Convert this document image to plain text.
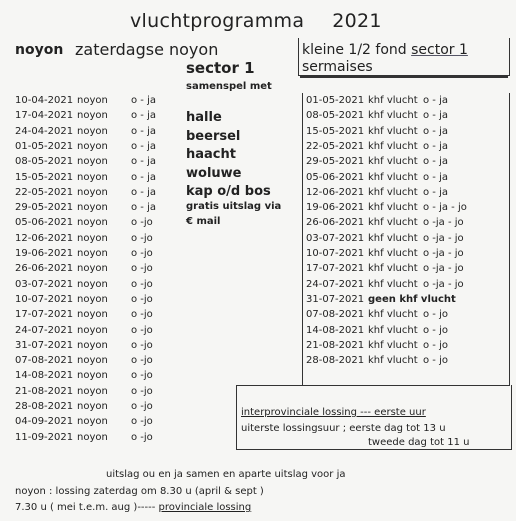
vluchtprogramma 2021
noyon zaterdagse noyon
sector 1
samenspel met
10-04-2021 noyon o - ja
17-04-2021 noyon o - ja
24-04-2021 noyon o - ja
01-05-2021 noyon o - ja
08-05-2021 noyon o - ja
15-05-2021 noyon o - ja
22-05-2021 noyon o - ja
29-05-2021 noyon o - ja
05-06-2021 noyon o -jo
12-06-2021 noyon o -jo
19-06-2021 noyon o -jo
26-06-2021 noyon o -jo
03-07-2021 noyon o -jo
10-07-2021 noyon o -jo
17-07-2021 noyon o -jo
24-07-2021 noyon o -jo
31-07-2021 noyon o -jo
07-08-2021 noyon o -jo
14-08-2021 noyon o -jo
21-08-2021 noyon o -jo
28-08-2021 noyon o -jo
04-09-2021 noyon o -jo
11-09-2021 noyon o -jo
halle
beersel
haacht
woluwe
kap o/d bos
gratis uitslag via
€ mail
kleine 1/2 fond sector 1
sermaises
01-05-2021 khf vlucht o - ja
08-05-2021 khf vlucht o - ja
15-05-2021 khf vlucht o - ja
22-05-2021 khf vlucht o - ja
29-05-2021 khf vlucht o - ja
05-06-2021 khf vlucht o - ja
12-06-2021 khf vlucht o - ja
19-06-2021 khf vlucht o - ja - jo
26-06-2021 khf vlucht o -ja - jo
03-07-2021 khf vlucht o -ja - jo
10-07-2021 khf vlucht o -ja - jo
17-07-2021 khf vlucht o -ja - jo
24-07-2021 khf vlucht o -ja - jo
31-07-2021 geen khf vlucht
07-08-2021 khf vlucht o - jo
14-08-2021 khf vlucht o - jo
21-08-2021 khf vlucht o - jo
28-08-2021 khf vlucht o - jo
interprovinciale lossing --- eerste uur
uiterste lossingsuur ; eerste dag tot 13 u
tweede dag tot 11 u
uitslag ou en ja samen en aparte uitslag voor ja
noyon : lossing zaterdag om 8.30 u (april & sept )
7.30 u ( mei t.e.m. aug )----- provinciale lossing
